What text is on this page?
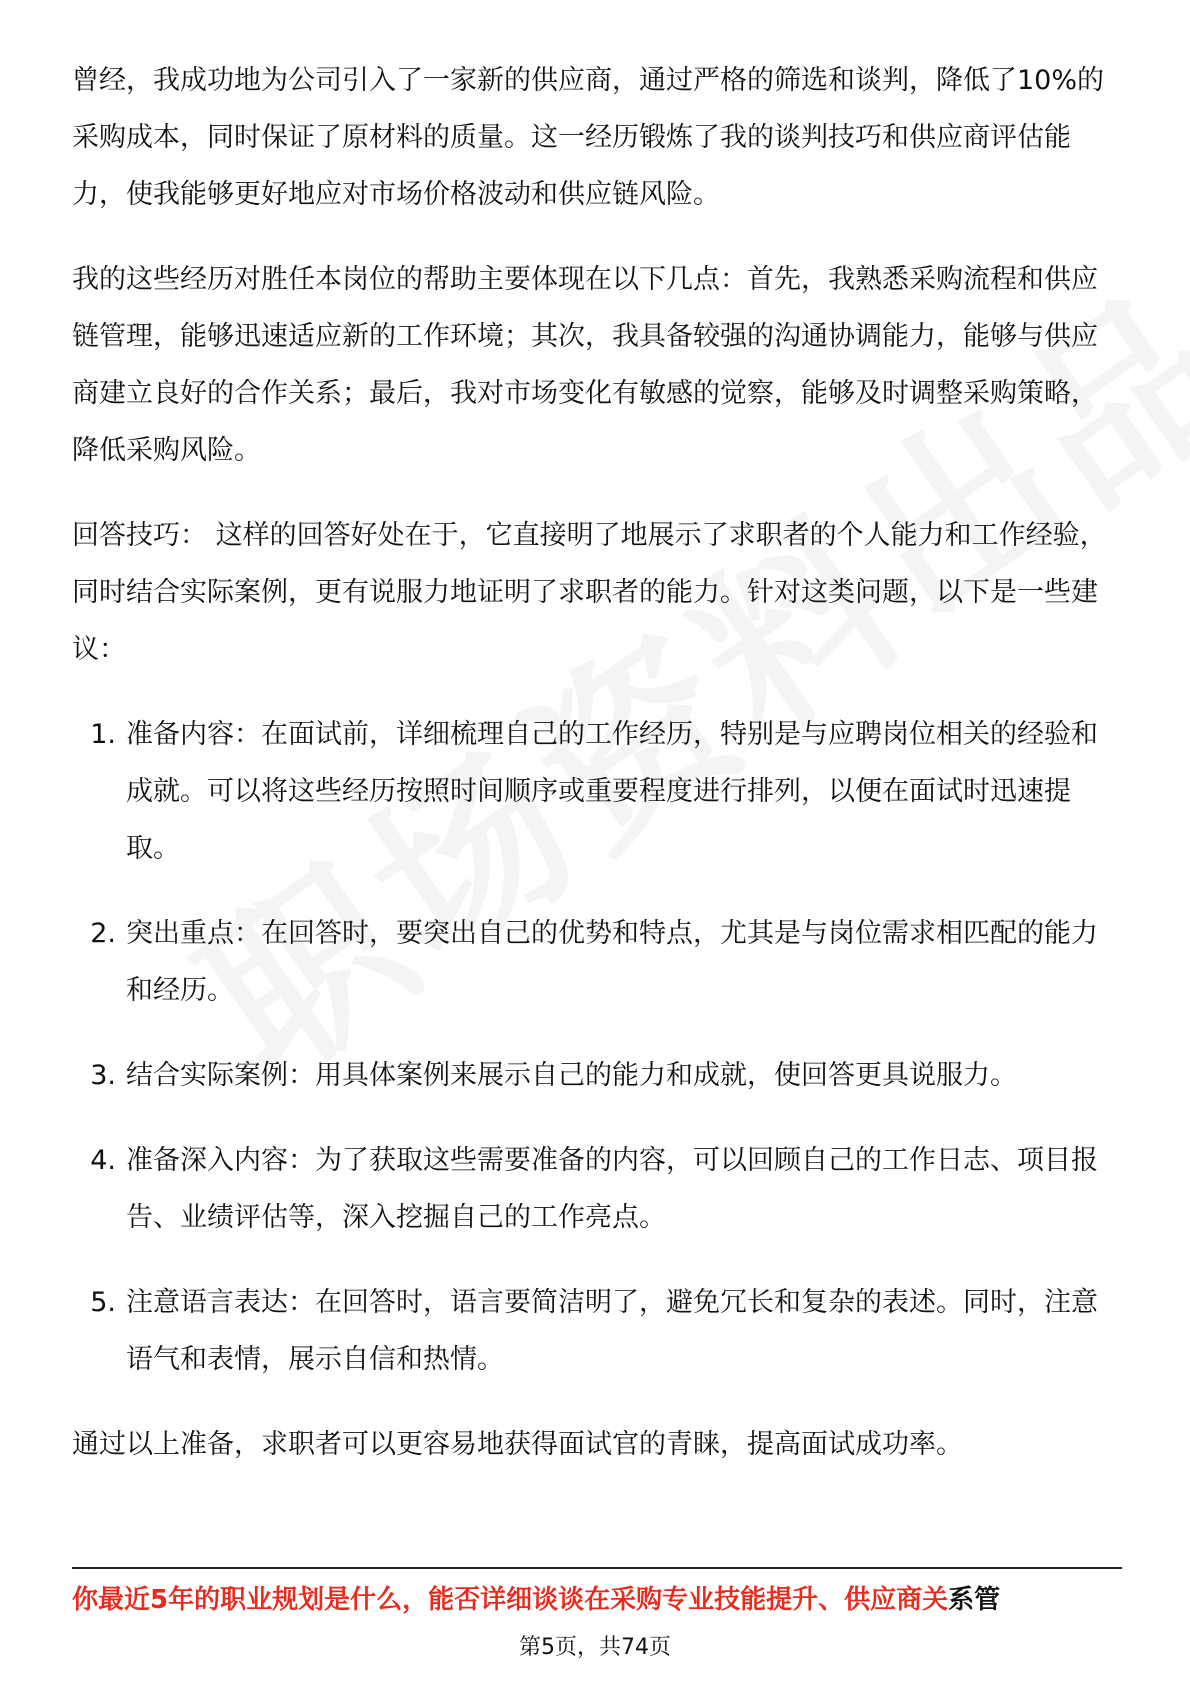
曾经，我成功地为公司引入了一家新的供应商，通过严格的筛选和谈判，降低了10%的采购成本，同时保证了原材料的质量。这一经历锻炼了我的谈判技巧和供应商评估能力，使我能够更好地应对市场价格波动和供应链风险。

我的这些经历对胜任本岗位的帮助主要体现在以下几点：首先，我熟悉采购流程和供应链管理，能够迅速适应新的工作环境；其次，我具备较强的沟通协调能力，能够与供应商建立良好的合作关系；最后，我对市场变化有敏感的觉察，能够及时调整采购策略，降低采购风险。

回答技巧： 这样的回答好处在于，它直接明了地展示了求职者的个人能力和工作经验，同时结合实际案例，更有说服力地证明了求职者的能力。针对这类问题，以下是一些建议：

1. 准备内容：在面试前，详细梳理自己的工作经历，特别是与应聘岗位相关的经验和成就。可以将这些经历按照时间顺序或重要程度进行排列，以便在面试时迅速提取。
2. 突出重点：在回答时，要突出自己的优势和特点，尤其是与岗位需求相匹配的能力和经历。
3. 结合实际案例：用具体案例来展示自己的能力和成就，使回答更具说服力。
4. 准备深入内容：为了获取这些需要准备的内容，可以回顾自己的工作日志、项目报告、业绩评估等，深入挖掘自己的工作亮点。
5. 注意语言表达：在回答时，语言要简洁明了，避免冗长和复杂的表述。同时，注意语气和表情，展示自信和热情。

通过以上准备，求职者可以更容易地获得面试官的青睐，提高面试成功率。

你最近5年的职业规划是什么，能否详细谈谈在采购专业技能提升、供应商关系管
第5页，共74页
